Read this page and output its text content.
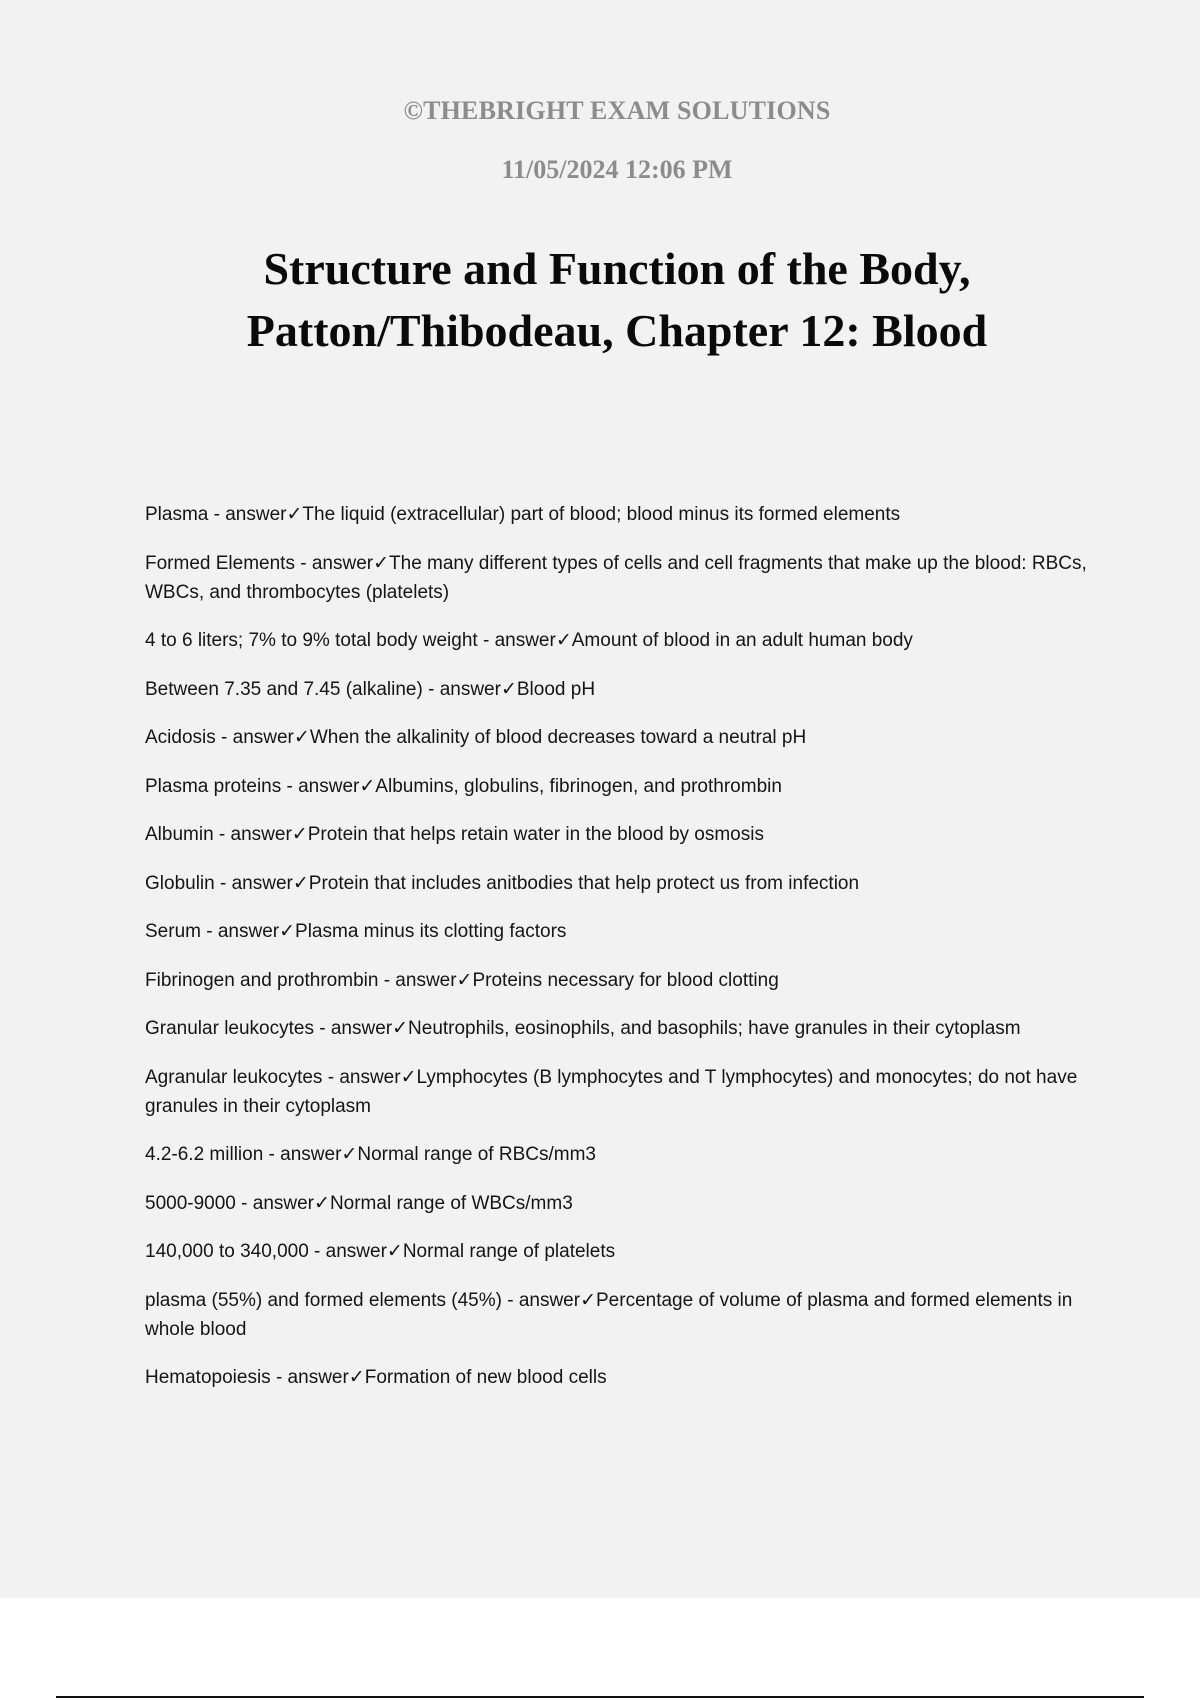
©THEBRIGHT EXAM SOLUTIONS
11/05/2024 12:06 PM
Structure and Function of the Body,
Patton/Thibodeau, Chapter 12: Blood
Plasma - answer✓The liquid (extracellular) part of blood; blood minus its formed elements
Formed Elements - answer✓The many different types of cells and cell fragments that make up the blood: RBCs, WBCs, and thrombocytes (platelets)
4 to 6 liters; 7% to 9% total body weight - answer✓Amount of blood in an adult human body
Between 7.35 and 7.45 (alkaline) - answer✓Blood pH
Acidosis - answer✓When the alkalinity of blood decreases toward a neutral pH
Plasma proteins - answer✓Albumins, globulins, fibrinogen, and prothrombin
Albumin - answer✓Protein that helps retain water in the blood by osmosis
Globulin - answer✓Protein that includes anitbodies that help protect us from infection
Serum - answer✓Plasma minus its clotting factors
Fibrinogen and prothrombin - answer✓Proteins necessary for blood clotting
Granular leukocytes - answer✓Neutrophils, eosinophils, and basophils; have granules in their cytoplasm
Agranular leukocytes - answer✓Lymphocytes (B lymphocytes and T lymphocytes) and monocytes; do not have granules in their cytoplasm
4.2-6.2 million - answer✓Normal range of RBCs/mm3
5000-9000 - answer✓Normal range of WBCs/mm3
140,000 to 340,000 - answer✓Normal range of platelets
plasma (55%) and formed elements (45%) - answer✓Percentage of volume of plasma and formed elements in whole blood
Hematopoiesis - answer✓Formation of new blood cells
